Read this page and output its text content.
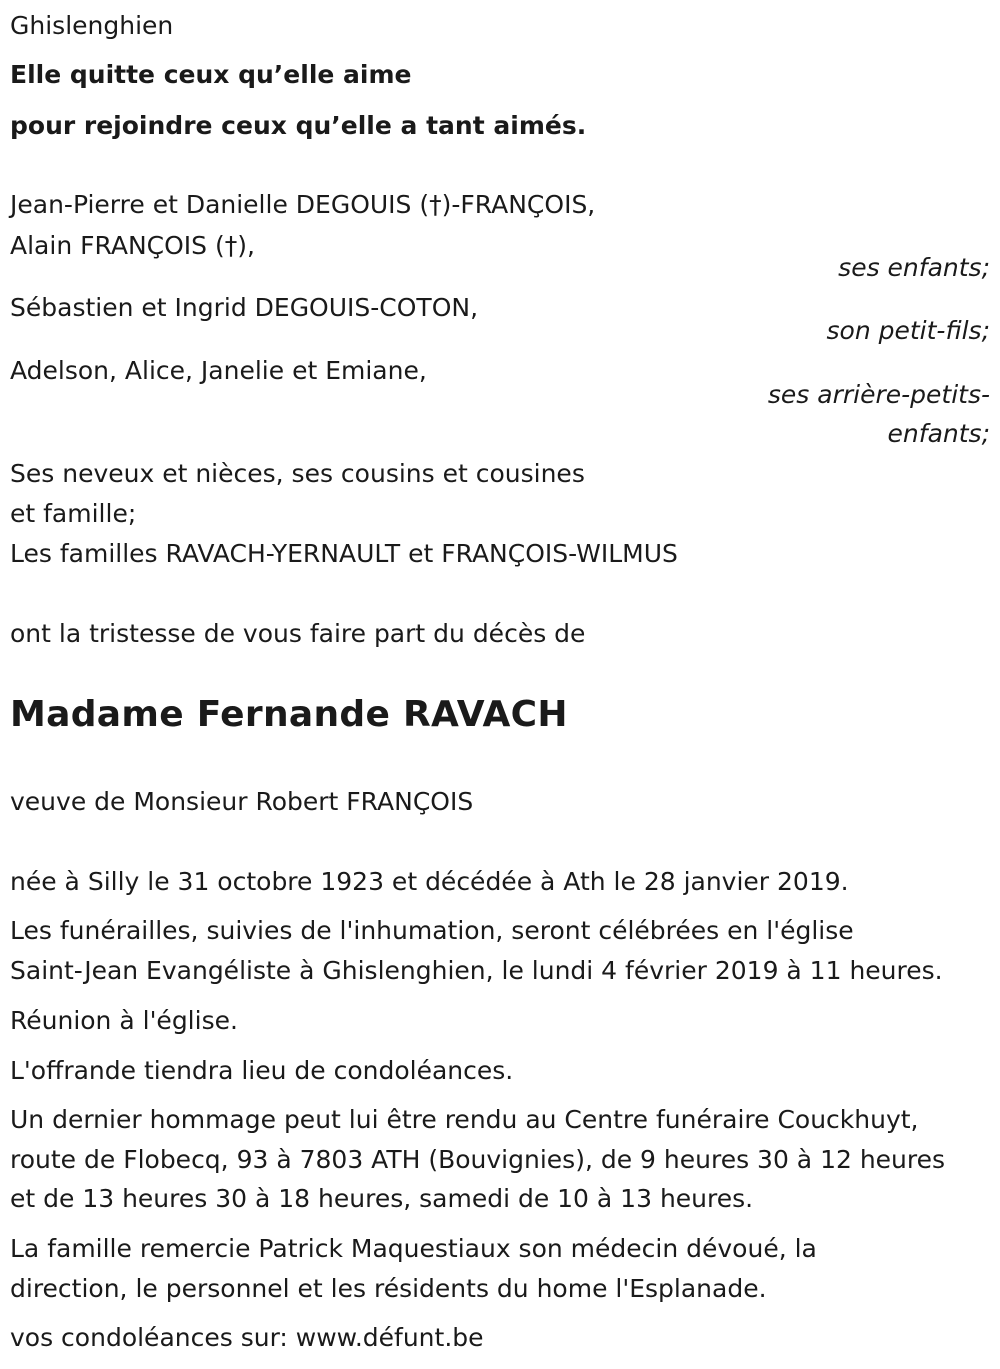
Ghislenghien
Elle quitte ceux qu’elle aime
pour rejoindre ceux qu’elle a tant aimés.
Jean-Pierre et Danielle DEGOUIS (†)-FRANÇOIS,
Alain FRANÇOIS (†),
ses enfants;
Sébastien et Ingrid DEGOUIS-COTON,
son petit-fils;
Adelson, Alice, Janelie et Emiane,
ses arrière-petits-
enfants;
Ses neveux et nièces, ses cousins et cousines
et famille;
Les familles RAVACH-YERNAULT et FRANÇOIS-WILMUS
ont la tristesse de vous faire part du décès de
Madame Fernande RAVACH
veuve de Monsieur Robert FRANÇOIS
née à Silly le 31 octobre 1923 et décédée à Ath le 28 janvier 2019.
Les funérailles, suivies de l'inhumation, seront célébrées en l'église
Saint-Jean Evangéliste à Ghislenghien, le lundi 4 février 2019 à 11 heures.
Réunion à l'église.
L'offrande tiendra lieu de condoléances.
Un dernier hommage peut lui être rendu au Centre funéraire Couckhuyt,
route de Flobecq, 93 à 7803 ATH (Bouvignies), de 9 heures 30 à 12 heures
et de 13 heures 30 à 18 heures, samedi de 10 à 13 heures.
La famille remercie Patrick Maquestiaux son médecin dévoué, la
direction, le personnel et les résidents du home l'Esplanade.
vos condoléances sur: www.défunt.be
